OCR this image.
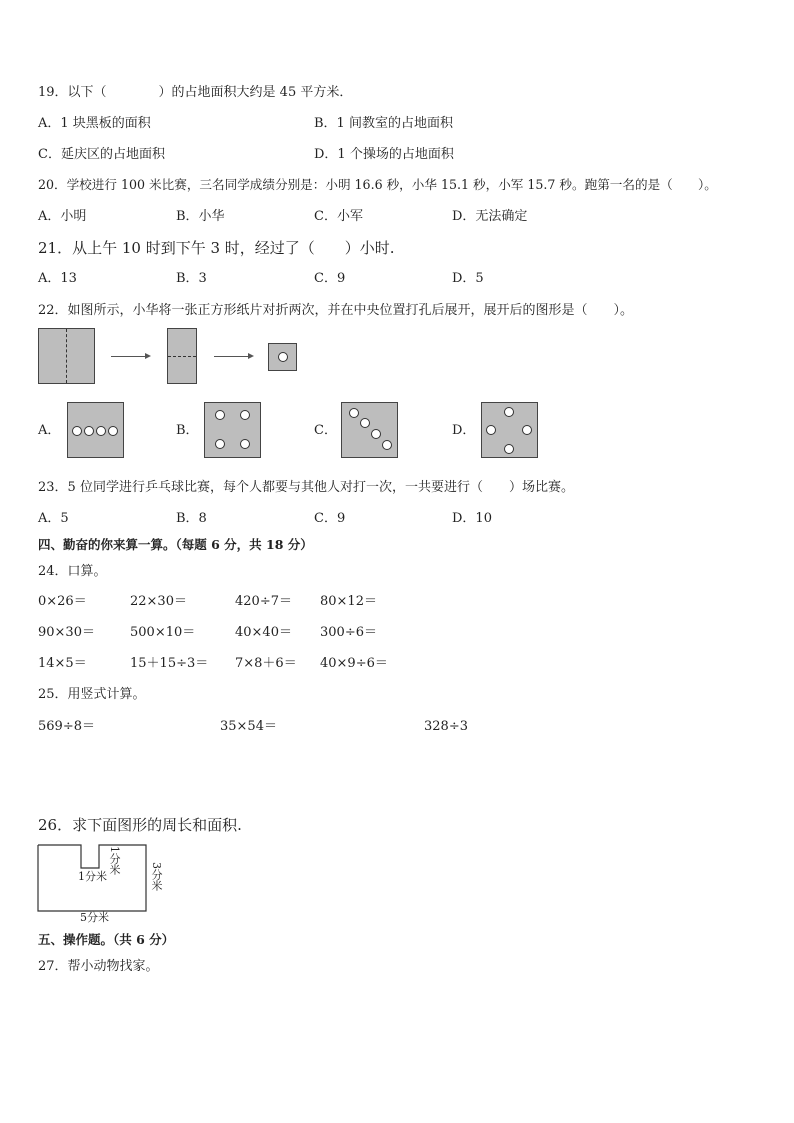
19．以下（　　　　）的占地面积大约是 45 平方米．
A．1 块黑板的面积	B．1 间教室的占地面积
C．延庆区的占地面积	D．1 个操场的占地面积
20．学校进行 100 米比赛，三名同学成绩分别是：小明 16.6 秒，小华 15.1 秒，小军 15.7 秒。跑第一名的是（　　）。
A．小明	B．小华	C．小军	D．无法确定
21．从上午 10 时到下午 3 时，经过了（　　）小时.
A．13	B．3	C．9	D．5
22．如图所示，小华将一张正方形纸片对折两次，并在中央位置打孔后展开，展开后的图形是（　　）。
A．	B．	C．	D．
23．5 位同学进行乒乓球比赛，每个人都要与其他人对打一次，一共要进行（　　）场比赛。
A．5	B．8	C．9	D．10
四、勤奋的你来算一算。（每题 6 分，共 18 分）
24．口算。
0×26＝	22×30＝	420÷7＝ 80×12＝
90×30＝	500×10＝	40×40＝ 300÷6＝
14×5＝	15＋15÷3＝ 7×8＋6＝ 40×9÷6＝
25．用竖式计算。
569÷8＝	35×54＝	328÷3
26．求下面图形的周长和面积.
1分米
1分米
3分米
5分米
五、操作题。（共 6 分）
27．帮小动物找家。
